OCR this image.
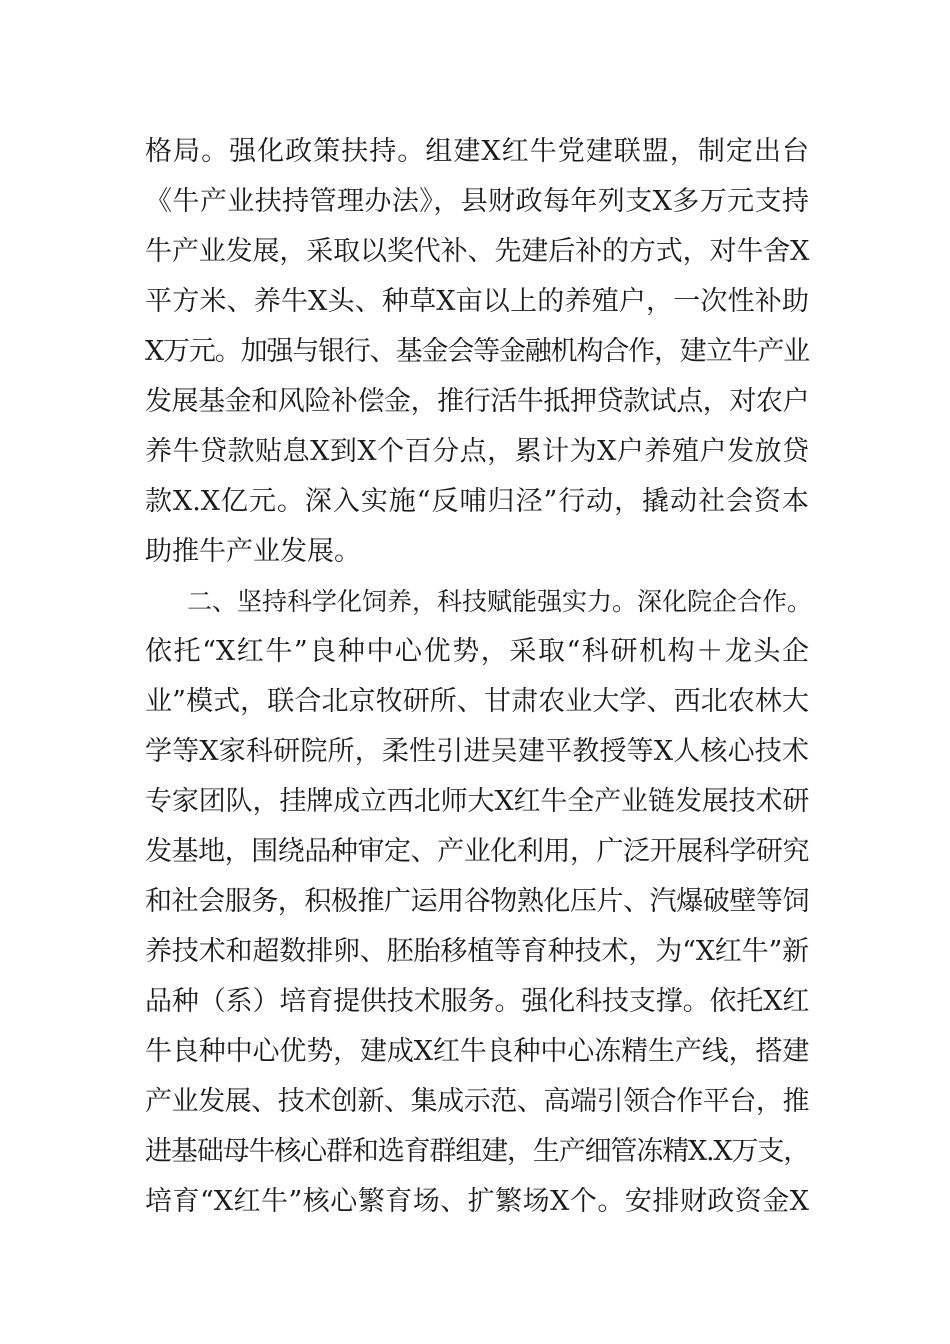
格局。强化政策扶持。组建X红牛党建联盟，制定出台
《牛产业扶持管理办法》，县财政每年列支X多万元支持
牛产业发展，采取以奖代补、先建后补的方式，对牛舍X
平方米、养牛X头、种草X亩以上的养殖户，一次性补助
X万元。加强与银行、基金会等金融机构合作，建立牛产业
发展基金和风险补偿金，推行活牛抵押贷款试点，对农户
养牛贷款贴息X到X个百分点，累计为X户养殖户发放贷
款X.X亿元。深入实施“反哺归泾”行动，撬动社会资本
助推牛产业发展。
二、坚持科学化饲养，科技赋能强实力。深化院企合作。
依托“X红牛”良种中心优势，采取“科研机构＋龙头企
业”模式，联合北京牧研所、甘肃农业大学、西北农林大
学等X家科研院所，柔性引进吴建平教授等X人核心技术
专家团队，挂牌成立西北师大X红牛全产业链发展技术研
发基地，围绕品种审定、产业化利用，广泛开展科学研究
和社会服务，积极推广运用谷物熟化压片、汽爆破壁等饲
养技术和超数排卵、胚胎移植等育种技术，为“X红牛”新
品种（系）培育提供技术服务。强化科技支撑。依托X红
牛良种中心优势，建成X红牛良种中心冻精生产线，搭建
产业发展、技术创新、集成示范、高端引领合作平台，推
进基础母牛核心群和选育群组建，生产细管冻精X.X万支，
培育“X红牛”核心繁育场、扩繁场X个。安排财政资金X
